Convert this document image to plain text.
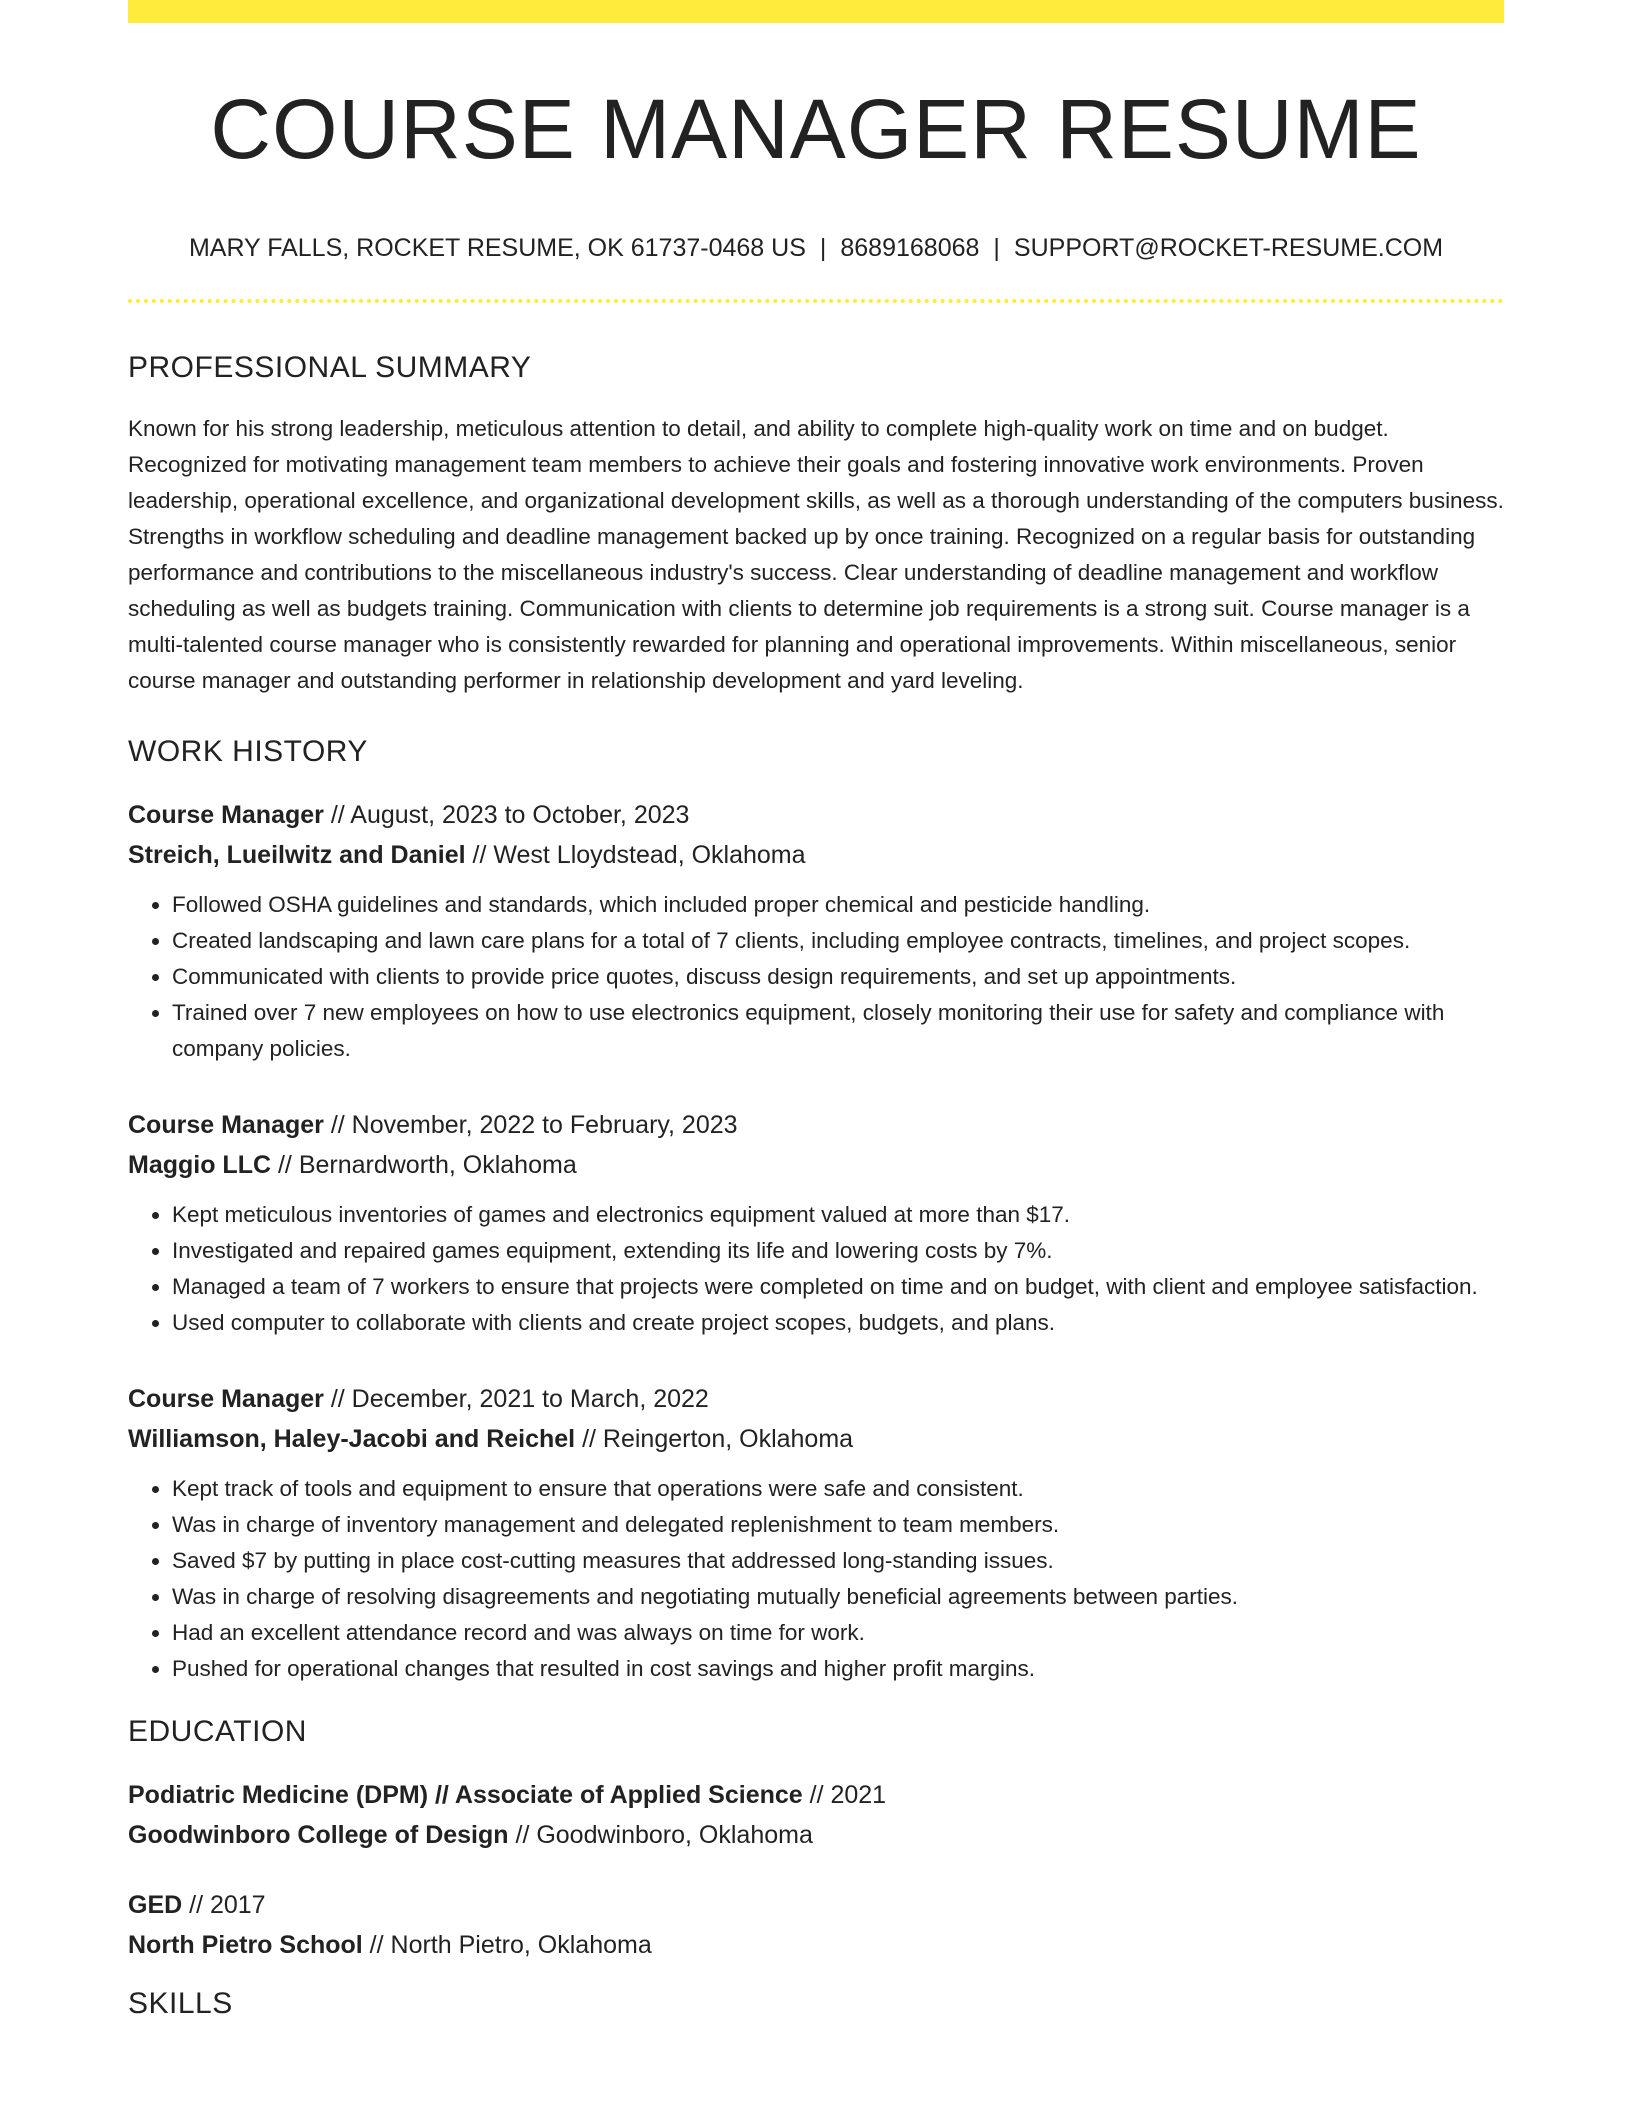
COURSE MANAGER RESUME
MARY FALLS, ROCKET RESUME, OK 61737-0468 US | 8689168068 | SUPPORT@ROCKET-RESUME.COM
PROFESSIONAL SUMMARY
Known for his strong leadership, meticulous attention to detail, and ability to complete high-quality work on time and on budget. Recognized for motivating management team members to achieve their goals and fostering innovative work environments. Proven leadership, operational excellence, and organizational development skills, as well as a thorough understanding of the computers business. Strengths in workflow scheduling and deadline management backed up by once training. Recognized on a regular basis for outstanding performance and contributions to the miscellaneous industry's success. Clear understanding of deadline management and workflow scheduling as well as budgets training. Communication with clients to determine job requirements is a strong suit. Course manager is a multi-talented course manager who is consistently rewarded for planning and operational improvements. Within miscellaneous, senior course manager and outstanding performer in relationship development and yard leveling.
WORK HISTORY
Course Manager // August, 2023 to October, 2023
Streich, Lueilwitz and Daniel // West Lloydstead, Oklahoma
• Followed OSHA guidelines and standards, which included proper chemical and pesticide handling.
• Created landscaping and lawn care plans for a total of 7 clients, including employee contracts, timelines, and project scopes.
• Communicated with clients to provide price quotes, discuss design requirements, and set up appointments.
• Trained over 7 new employees on how to use electronics equipment, closely monitoring their use for safety and compliance with company policies.
Course Manager // November, 2022 to February, 2023
Maggio LLC // Bernardworth, Oklahoma
• Kept meticulous inventories of games and electronics equipment valued at more than $17.
• Investigated and repaired games equipment, extending its life and lowering costs by 7%.
• Managed a team of 7 workers to ensure that projects were completed on time and on budget, with client and employee satisfaction.
• Used computer to collaborate with clients and create project scopes, budgets, and plans.
Course Manager // December, 2021 to March, 2022
Williamson, Haley-Jacobi and Reichel // Reingerton, Oklahoma
• Kept track of tools and equipment to ensure that operations were safe and consistent.
• Was in charge of inventory management and delegated replenishment to team members.
• Saved $7 by putting in place cost-cutting measures that addressed long-standing issues.
• Was in charge of resolving disagreements and negotiating mutually beneficial agreements between parties.
• Had an excellent attendance record and was always on time for work.
• Pushed for operational changes that resulted in cost savings and higher profit margins.
EDUCATION
Podiatric Medicine (DPM) // Associate of Applied Science // 2021
Goodwinboro College of Design // Goodwinboro, Oklahoma
GED // 2017
North Pietro School // North Pietro, Oklahoma
SKILLS
